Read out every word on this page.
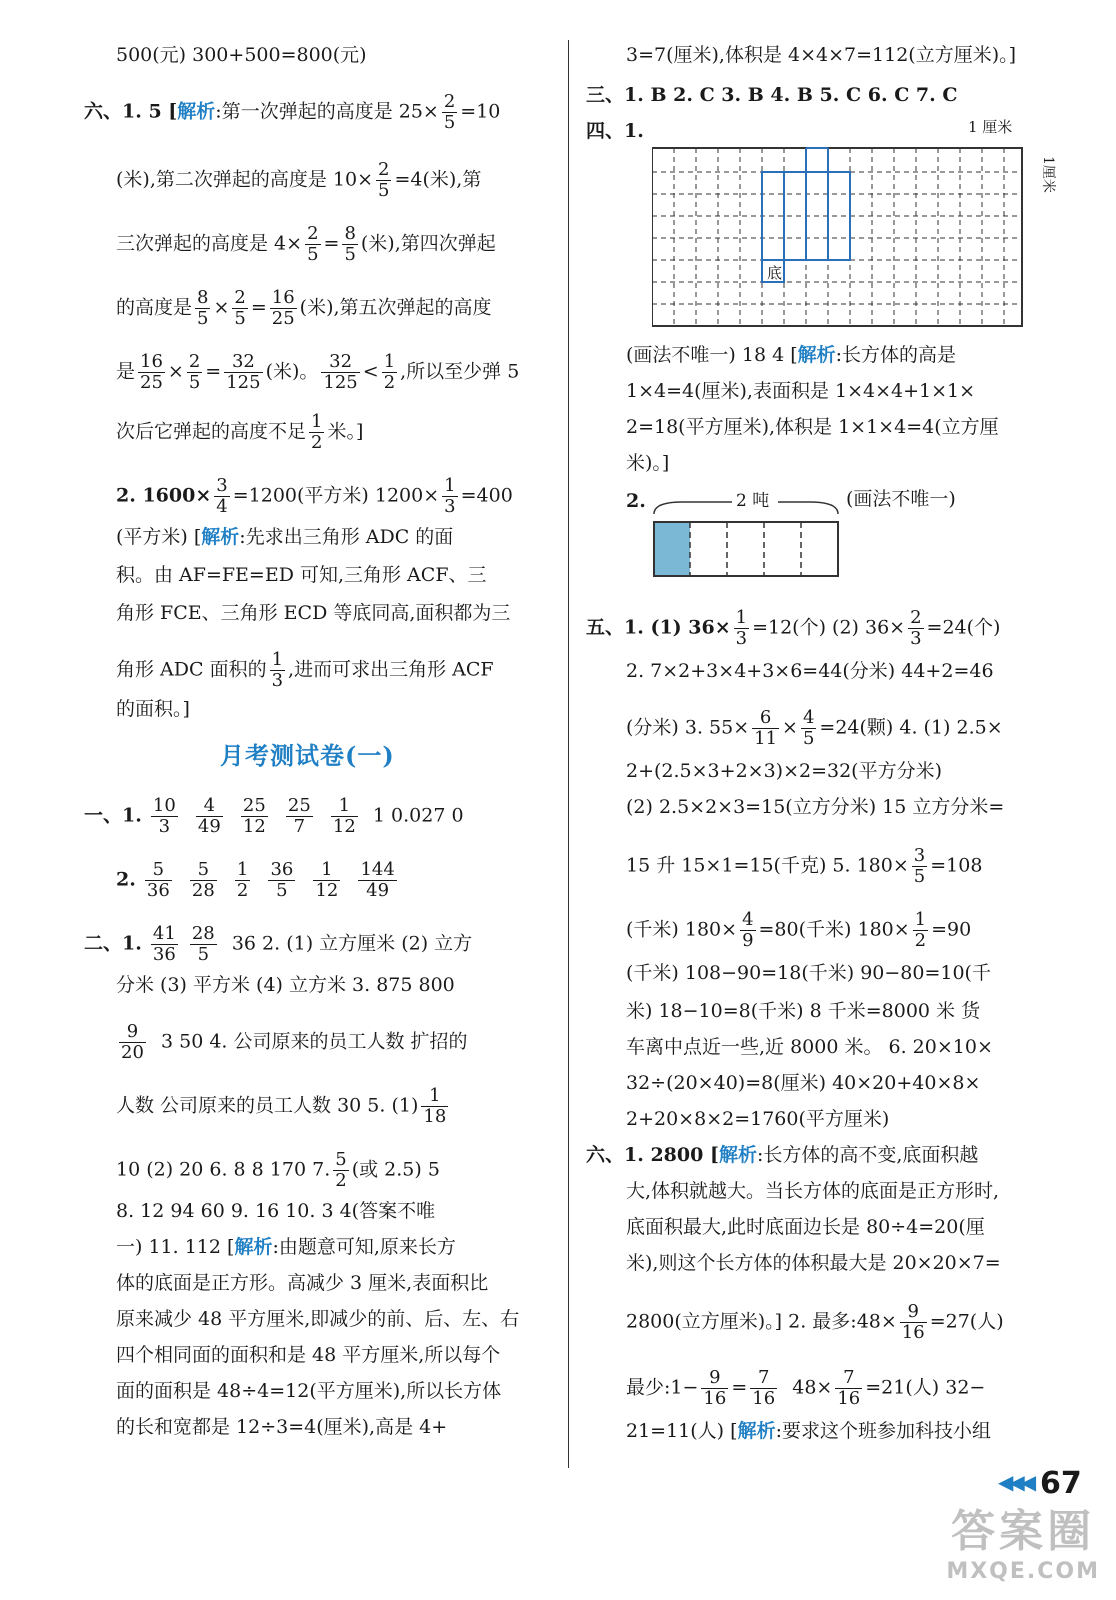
500(元) 300+500=800(元)
六、1. 5 [解析:第一次弹起的高度是 $25\times \frac{2}{5} =10$
(米),第二次弹起的高度是 $10\times \frac{2}{5} =4$(米),第
三次弹起的高度是 $4\times \frac{2}{5} = \frac{8}{5}$ (米),第四次弹起
的高度是 $\frac{8}{5} \times \frac{2}{5} = \frac{16}{25}$ (米),第五次弹起的高度
是 $\frac{16}{25} \times \frac{2}{5} = \frac{32}{125}$ (米)。 $\frac{32}{125} < \frac{1}{2}$ ,所以至少弹 5
次后它弹起的高度不足 $\frac{1}{2}$ 米。]
2. $1600\times \frac{3}{4} =1200$(平方米) $1200\times \frac{1}{3} =400$
(平方米) [解析:先求出三角形 ADC 的面
积。由 AF=FE=ED 可知,三角形 ACF、三
角形 FCE、三角形 ECD 等底同高,面积都为三
角形 ADC 面积的 $\frac{1}{3}$ ,进而可求出三角形 ACF
的面积。]
月考测试卷(一)
一、1. $\frac{10}{3}$
$\frac{4}{49}$
$\frac{25}{12}$
$\frac{25}{7}$
$\frac{1}{12} 1$ 0.027 0
2. $\frac{5}{36}$
$\frac{5}{28}$
$\frac{1}{2}$
$\frac{36}{5}$
$\frac{1}{12}$
$\frac{144}{49}$
二、1. $\frac{41}{36}$
$\frac{28}{5} 36$ 2. (1) 立方厘米 (2) 立方
分米 (3) 平方米 (4) 立方米 3. 875 800
$\frac{9}{20} 3$ 50 4. 公司原来的员工人数 扩招的
人数 公司原来的员工人数 30 5. $(1) \frac{1}{18}$
10 (2) 20 6. 8 8 170 7. $\frac{5}{2}$ (或 2.5) 5
8. 12 94 60 9. 16 10. 3 4(答案不唯
一) 11. 112 [解析:由题意可知,原来长方
体的底面是正方形。高减少 3 厘米,表面积比
原来减少 48 平方厘米,即减少的前、后、左、右
四个相同面的面积和是 48 平方厘米,所以每个
面的面积是 48÷4=12(平方厘米),所以长方体
的长和宽都是 12÷3=4(厘米),高是 4+
3=7(厘米),体积是 4×4×7=112(立方厘米)。]
三、1. B 2. C 3. B 4. B 5. C 6. C 7. C
四、1.
底
1 厘米
1厘米
(画法不唯一) 18 4 [解析:长方体的高是
1×4=4(厘米),表面积是 1×4×4+1×1×
2=18(平方厘米),体积是 1×1×4=4(立方厘
米)。]
2.	(画法不唯一)
2 吨
五、1. (1) $36\times \frac{1}{3} =12$(个) (2) $36\times \frac{2}{3} =24$(个)
2. 7×2+3×4+3×6=44(分米) 44+2=46
(分米) 3. $55\times \frac{6}{11} \times \frac{4}{5} =24$(颗) 4. (1) 2.5×
2+(2.5×3+2×3)×2=32(平方分米)
(2) 2.5×2×3=15(立方分米) 15 立方分米=
15 升 15×1=15(千克) 5. $180\times \frac{3}{5} =108$
(千米) $180\times \frac{4}{9} =80$(千米) $180\times \frac{1}{2} =90$
(千米) 108−90=18(千米) 90−80=10(千
米) 18−10=8(千米) 8 千米=8000 米 货
车离中点近一些,近 8000 米。 6. 20×10×
32÷(20×40)=8(厘米) 40×20+40×8×
2+20×8×2=1760(平方厘米)
六、1. 2800 [解析:长方体的高不变,底面积越
大,体积就越大。当长方体的底面是正方形时,
底面积最大,此时底面边长是 80÷4=20(厘
米),则这个长方体的体积最大是 20×20×7=
2800(立方厘米)。] 2. 最多:48× $\frac{9}{16} =27$(人)
最少:1− $\frac{9}{16} = \frac{7}{16} 48\times \frac{7}{16} =21$(人) 32−
21=11(人) [解析:要求这个班参加科技小组
◀◀◀ 67
答案圈
MXQE.COM
